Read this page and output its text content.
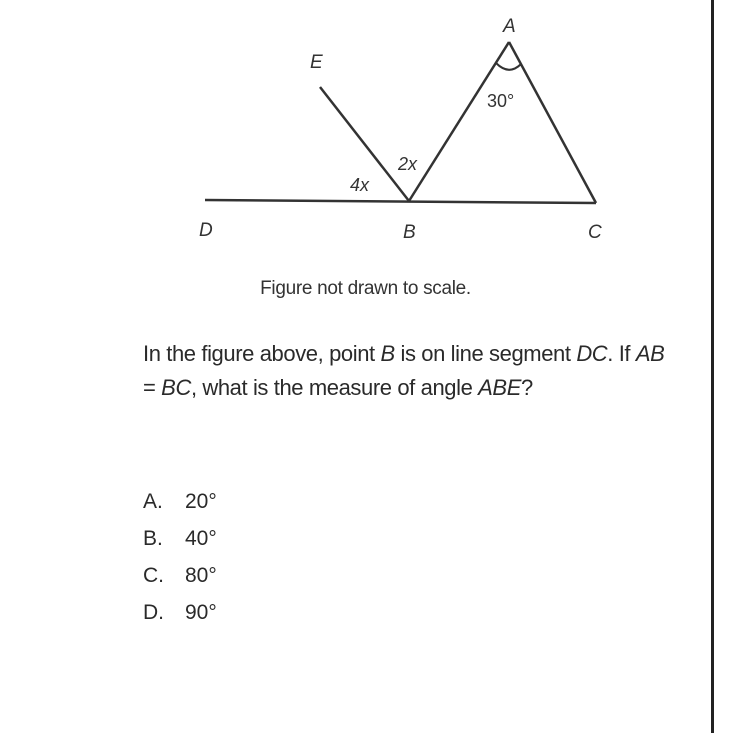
A
E
D	B	C
30°
2x
4x
Figure not drawn to scale.
In the figure above, point B is on line segment DC. If AB = BC, what is the measure of angle ABE?
A.	20°
B.	40°
C.	80°
D.	90°
